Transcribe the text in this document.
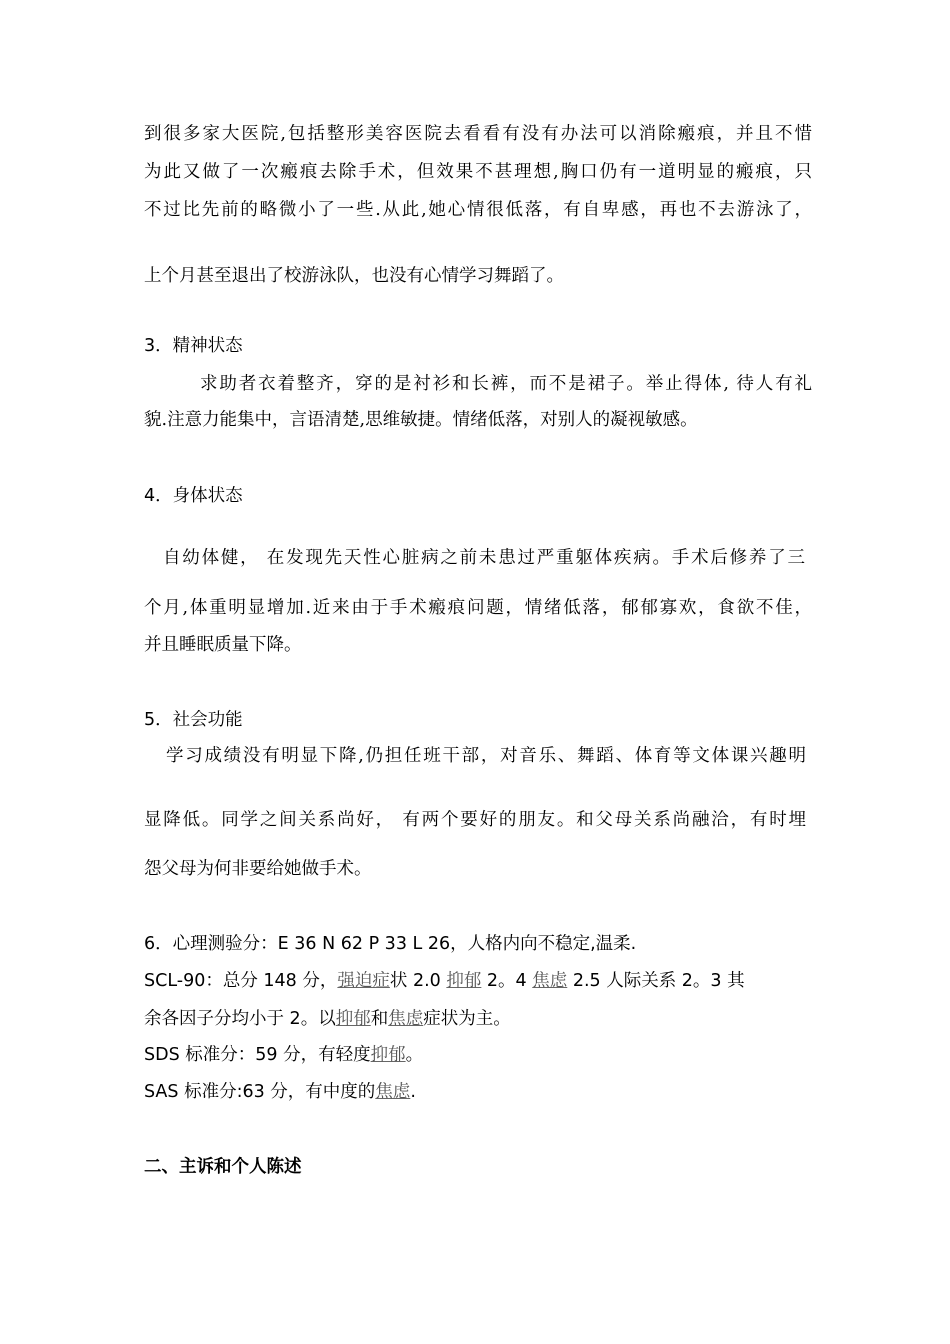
到很多家大医院,包括整形美容医院去看看有没有办法可以消除瘢痕，并且不惜
为此又做了一次瘢痕去除手术，但效果不甚理想,胸口仍有一道明显的瘢痕，只
不过比先前的略微小了一些.从此,她心情很低落，有自卑感，再也不去游泳了，
上个月甚至退出了校游泳队，也没有心情学习舞蹈了。
3．精神状态
求助者衣着整齐，穿的是衬衫和长裤，而不是裙子。举止得体, 待人有礼
貌.注意力能集中，言语清楚,思维敏捷。情绪低落，对别人的凝视敏感。
4．身体状态
自幼体健， 在发现先天性心脏病之前未患过严重躯体疾病。手术后修养了三
个月,体重明显增加.近来由于手术瘢痕问题，情绪低落，郁郁寡欢，食欲不佳，
并且睡眠质量下降。
5．社会功能
学习成绩没有明显下降,仍担任班干部，对音乐、舞蹈、体育等文体课兴趣明
显降低。同学之间关系尚好， 有两个要好的朋友。和父母关系尚融洽，有时埋
怨父母为何非要给她做手术。
6．心理测验分：E 36 N 62 P 33 L 26，人格内向不稳定,温柔.
SCL-90：总分 148 分，强迫症状 2.0 抑郁 2。4 焦虑 2.5 人际关系 2。3 其
余各因子分均小于 2。以抑郁和焦虑症状为主。
SDS 标准分：59 分，有轻度抑郁。
SAS 标准分:63 分，有中度的焦虑.
二、主诉和个人陈述
